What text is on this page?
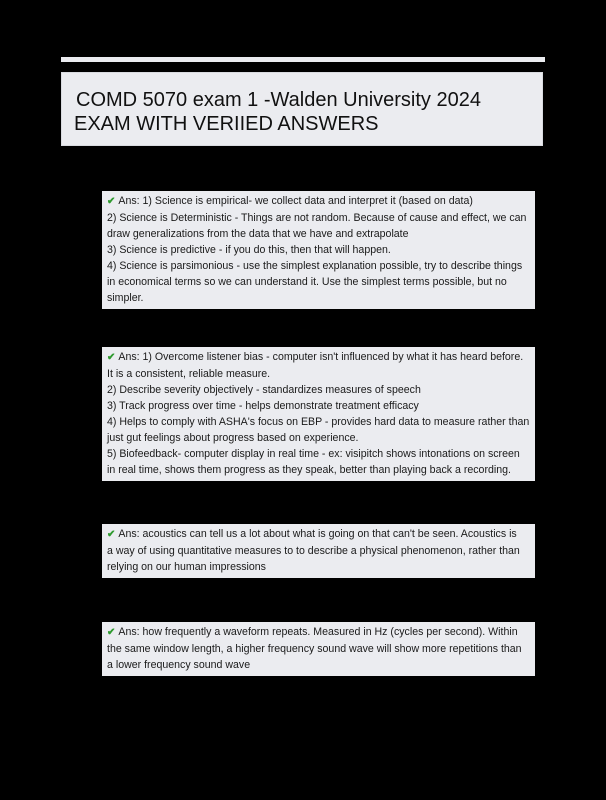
COMD 5070 exam 1 -Walden University 2024
EXAM WITH VERIIED ANSWERS
✔ Ans: 1) Science is empirical- we collect data and interpret it (based on data)
2) Science is Deterministic - Things are not random. Because of cause and effect, we can
draw generalizations from the data that we have and extrapolate
3) Science is predictive - if you do this, then that will happen.
4) Science is parsimonious - use the simplest explanation possible, try to describe things
in economical terms so we can understand it. Use the simplest terms possible, but no
simpler.
✔ Ans: 1) Overcome listener bias - computer isn't influenced by what it has heard before.
It is a consistent, reliable measure.
2) Describe severity objectively - standardizes measures of speech
3) Track progress over time - helps demonstrate treatment efficacy
4) Helps to comply with ASHA's focus on EBP - provides hard data to measure rather than
just gut feelings about progress based on experience.
5) Biofeedback- computer display in real time - ex: visipitch shows intonations on screen
in real time, shows them progress as they speak, better than playing back a recording.
✔ Ans: acoustics can tell us a lot about what is going on that can't be seen. Acoustics is
a way of using quantitative measures to to describe a physical phenomenon, rather than
relying on our human impressions
✔ Ans: how frequently a waveform repeats. Measured in Hz (cycles per second). Within
the same window length, a higher frequency sound wave will show more repetitions than
a lower frequency sound wave
